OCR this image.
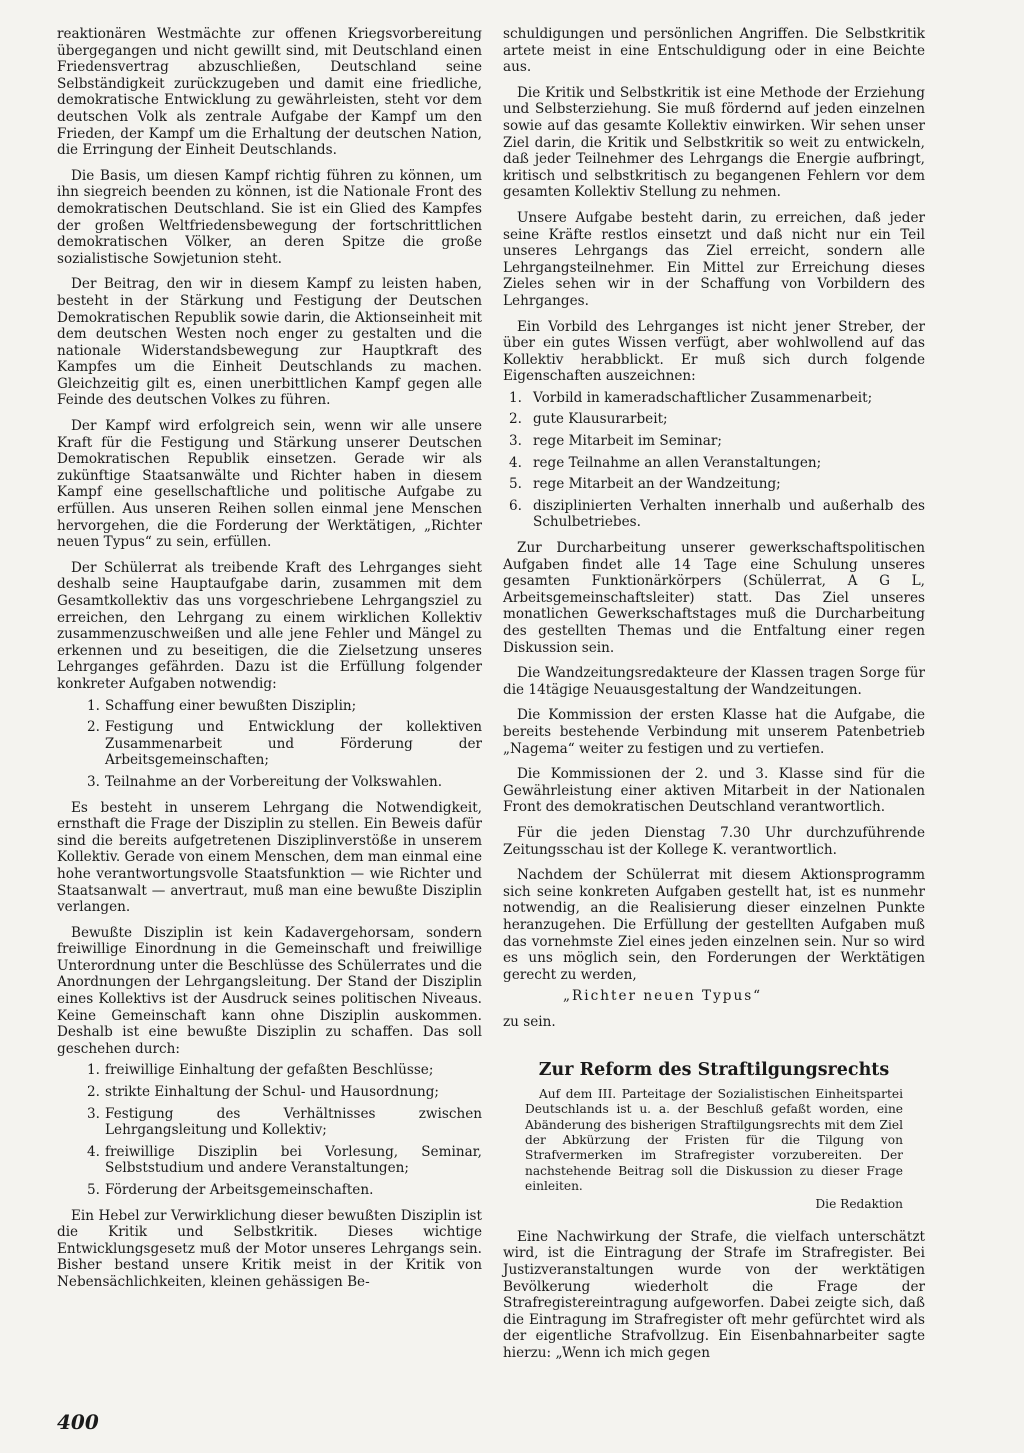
reaktionären Westmächte zur offenen Kriegsvorbereitung übergegangen und nicht gewillt sind, mit Deutschland einen Friedensvertrag abzuschließen, Deutschland seine Selbständigkeit zurückzugeben und damit eine friedliche, demokratische Entwicklung zu gewährleisten, steht vor dem deutschen Volk als zentrale Aufgabe der Kampf um den Frieden, der Kampf um die Erhaltung der deutschen Nation, die Erringung der Einheit Deutschlands.

Die Basis, um diesen Kampf richtig führen zu können, um ihn siegreich beenden zu können, ist die Nationale Front des demokratischen Deutschland. Sie ist ein Glied des Kampfes der großen Weltfriedensbewegung der fortschrittlichen demokratischen Völker, an deren Spitze die große sozialistische Sowjetunion steht.

Der Beitrag, den wir in diesem Kampf zu leisten haben, besteht in der Stärkung und Festigung der Deutschen Demokratischen Republik sowie darin, die Aktionseinheit mit dem deutschen Westen noch enger zu gestalten und die nationale Widerstandsbewegung zur Hauptkraft des Kampfes um die Einheit Deutschlands zu machen. Gleichzeitig gilt es, einen unerbittlichen Kampf gegen alle Feinde des deutschen Volkes zu führen.

Der Kampf wird erfolgreich sein, wenn wir alle unsere Kraft für die Festigung und Stärkung unserer Deutschen Demokratischen Republik einsetzen. Gerade wir als zukünftige Staatsanwälte und Richter haben in diesem Kampf eine gesellschaftliche und politische Aufgabe zu erfüllen. Aus unseren Reihen sollen einmal jene Menschen hervorgehen, die die Forderung der Werktätigen, „Richter neuen Typus“ zu sein, erfüllen.

Der Schülerrat als treibende Kraft des Lehrganges sieht deshalb seine Hauptaufgabe darin, zusammen mit dem Gesamtkollektiv das uns vorgeschriebene Lehrgangsziel zu erreichen, den Lehrgang zu einem wirklichen Kollektiv zusammenzuschweißen und alle jene Fehler und Mängel zu erkennen und zu beseitigen, die die Zielsetzung unseres Lehrganges gefährden. Dazu ist die Erfüllung folgender konkreter Aufgaben notwendig:

1. Schaffung einer bewußten Disziplin;
2. Festigung und Entwicklung der kollektiven Zusammenarbeit und Förderung der Arbeitsgemeinschaften;
3. Teilnahme an der Vorbereitung der Volkswahlen.

Es besteht in unserem Lehrgang die Notwendigkeit, ernsthaft die Frage der Disziplin zu stellen. Ein Beweis dafür sind die bereits aufgetretenen Disziplinverstöße in unserem Kollektiv. Gerade von einem Menschen, dem man einmal eine hohe verantwortungsvolle Staatsfunktion — wie Richter und Staatsanwalt — anvertraut, muß man eine bewußte Disziplin verlangen.

Bewußte Disziplin ist kein Kadavergehorsam, sondern freiwillige Einordnung in die Gemeinschaft und freiwillige Unterordnung unter die Beschlüsse des Schülerrates und die Anordnungen der Lehrgangsleitung. Der Stand der Disziplin eines Kollektivs ist der Ausdruck seines politischen Niveaus. Keine Gemeinschaft kann ohne Disziplin auskommen. Deshalb ist eine bewußte Disziplin zu schaffen. Das soll geschehen durch:

1. freiwillige Einhaltung der gefaßten Beschlüsse;
2. strikte Einhaltung der Schul- und Hausordnung;
3. Festigung des Verhältnisses zwischen Lehrgangsleitung und Kollektiv;
4. freiwillige Disziplin bei Vorlesung, Seminar, Selbststudium und andere Veranstaltungen;
5. Förderung der Arbeitsgemeinschaften.

Ein Hebel zur Verwirklichung dieser bewußten Disziplin ist die Kritik und Selbstkritik. Dieses wichtige Entwicklungsgesetz muß der Motor unseres Lehrgangs sein. Bisher bestand unsere Kritik meist in der Kritik von Nebensächlichkeiten, kleinen gehässigen Be-

schuldigungen und persönlichen Angriffen. Die Selbstkritik artete meist in eine Entschuldigung oder in eine Beichte aus.

Die Kritik und Selbstkritik ist eine Methode der Erziehung und Selbsterziehung. Sie muß fördernd auf jeden einzelnen sowie auf das gesamte Kollektiv einwirken. Wir sehen unser Ziel darin, die Kritik und Selbstkritik so weit zu entwickeln, daß jeder Teilnehmer des Lehrgangs die Energie aufbringt, kritisch und selbstkritisch zu begangenen Fehlern vor dem gesamten Kollektiv Stellung zu nehmen.

Unsere Aufgabe besteht darin, zu erreichen, daß jeder seine Kräfte restlos einsetzt und daß nicht nur ein Teil unseres Lehrgangs das Ziel erreicht, sondern alle Lehrgangsteilnehmer. Ein Mittel zur Erreichung dieses Zieles sehen wir in der Schaffung von Vorbildern des Lehrganges.

Ein Vorbild des Lehrganges ist nicht jener Streber, der über ein gutes Wissen verfügt, aber wohlwollend auf das Kollektiv herabblickt. Er muß sich durch folgende Eigenschaften auszeichnen:

1. Vorbild in kameradschaftlicher Zusammenarbeit;
2. gute Klausurarbeit;
3. rege Mitarbeit im Seminar;
4. rege Teilnahme an allen Veranstaltungen;
5. rege Mitarbeit an der Wandzeitung;
6. disziplinierten Verhalten innerhalb und außerhalb des Schulbetriebes.

Zur Durcharbeitung unserer gewerkschaftspolitischen Aufgaben findet alle 14 Tage eine Schulung unseres gesamten Funktionärkörpers (Schülerrat, A G L, Arbeitsgemeinschaftsleiter) statt. Das Ziel unseres monatlichen Gewerkschaftstages muß die Durcharbeitung des gestellten Themas und die Entfaltung einer regen Diskussion sein.

Die Wandzeitungsredakteure der Klassen tragen Sorge für die 14tägige Neuausgestaltung der Wandzeitungen.

Die Kommission der ersten Klasse hat die Aufgabe, die bereits bestehende Verbindung mit unserem Patenbetrieb „Nagema“ weiter zu festigen und zu vertiefen.

Die Kommissionen der 2. und 3. Klasse sind für die Gewährleistung einer aktiven Mitarbeit in der Nationalen Front des demokratischen Deutschland verantwortlich.

Für die jeden Dienstag 7.30 Uhr durchzuführende Zeitungsschau ist der Kollege K. verantwortlich.

Nachdem der Schülerrat mit diesem Aktionsprogramm sich seine konkreten Aufgaben gestellt hat, ist es nunmehr notwendig, an die Realisierung dieser einzelnen Punkte heranzugehen. Die Erfüllung der gestellten Aufgaben muß das vornehmste Ziel eines jeden einzelnen sein. Nur so wird es uns möglich sein, den Forderungen der Werktätigen gerecht zu werden,

„Richter neuen Typus“

zu sein.

Zur Reform des Straftilgungsrechts

Auf dem III. Parteitage der Sozialistischen Einheitspartei Deutschlands ist u. a. der Beschluß gefaßt worden, eine Abänderung des bisherigen Straftilgungsrechts mit dem Ziel der Abkürzung der Fristen für die Tilgung von Strafvermerken im Strafregister vorzubereiten. Der nachstehende Beitrag soll die Diskussion zu dieser Frage einleiten.

Die Redaktion

Eine Nachwirkung der Strafe, die vielfach unterschätzt wird, ist die Eintragung der Strafe im Strafregister. Bei Justizveranstaltungen wurde von der werktätigen Bevölkerung wiederholt die Frage der Strafregistereintragung aufgeworfen. Dabei zeigte sich, daß die Eintragung im Strafregister oft mehr gefürchtet wird als der eigentliche Strafvollzug. Ein Eisenbahnarbeiter sagte hierzu: „Wenn ich mich gegen

400
